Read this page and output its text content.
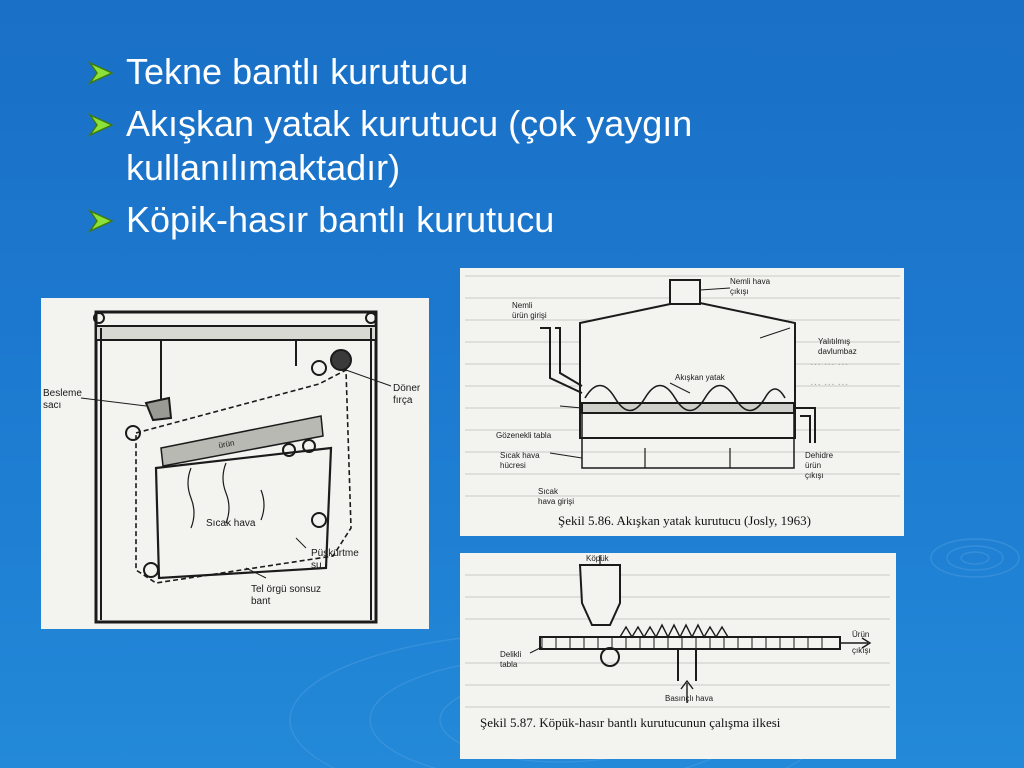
Tekne bantlı kurutucu
Akışkan yatak kurutucu (çok yaygın kullanılımaktadır)
Köpik-hasır bantlı kurutucu
Besleme
sacı
Döner
fırça
ürün
Sıcak hava
Püskürtme
su
Tel örgü sonsuz
bant
··· ··· ···
··· ··· ···
Nemli hava
çıkışı
Nemli
ürün girişi
Yalıtılmış
davlumbaz
Akışkan yatak
Gözenekli tabla
Dehidre
ürün
çıkışı
Sıcak hava
hücresi
Sıcak
hava girişi
Şekil 5.86. Akışkan yatak kurutucu (Josly, 1963)
Köpük
Ürün
çıkışı
Delikli
tabla
Basınçlı hava
Şekil 5.87. Köpük-hasır bantlı kurutucunun çalışma ilkesi
